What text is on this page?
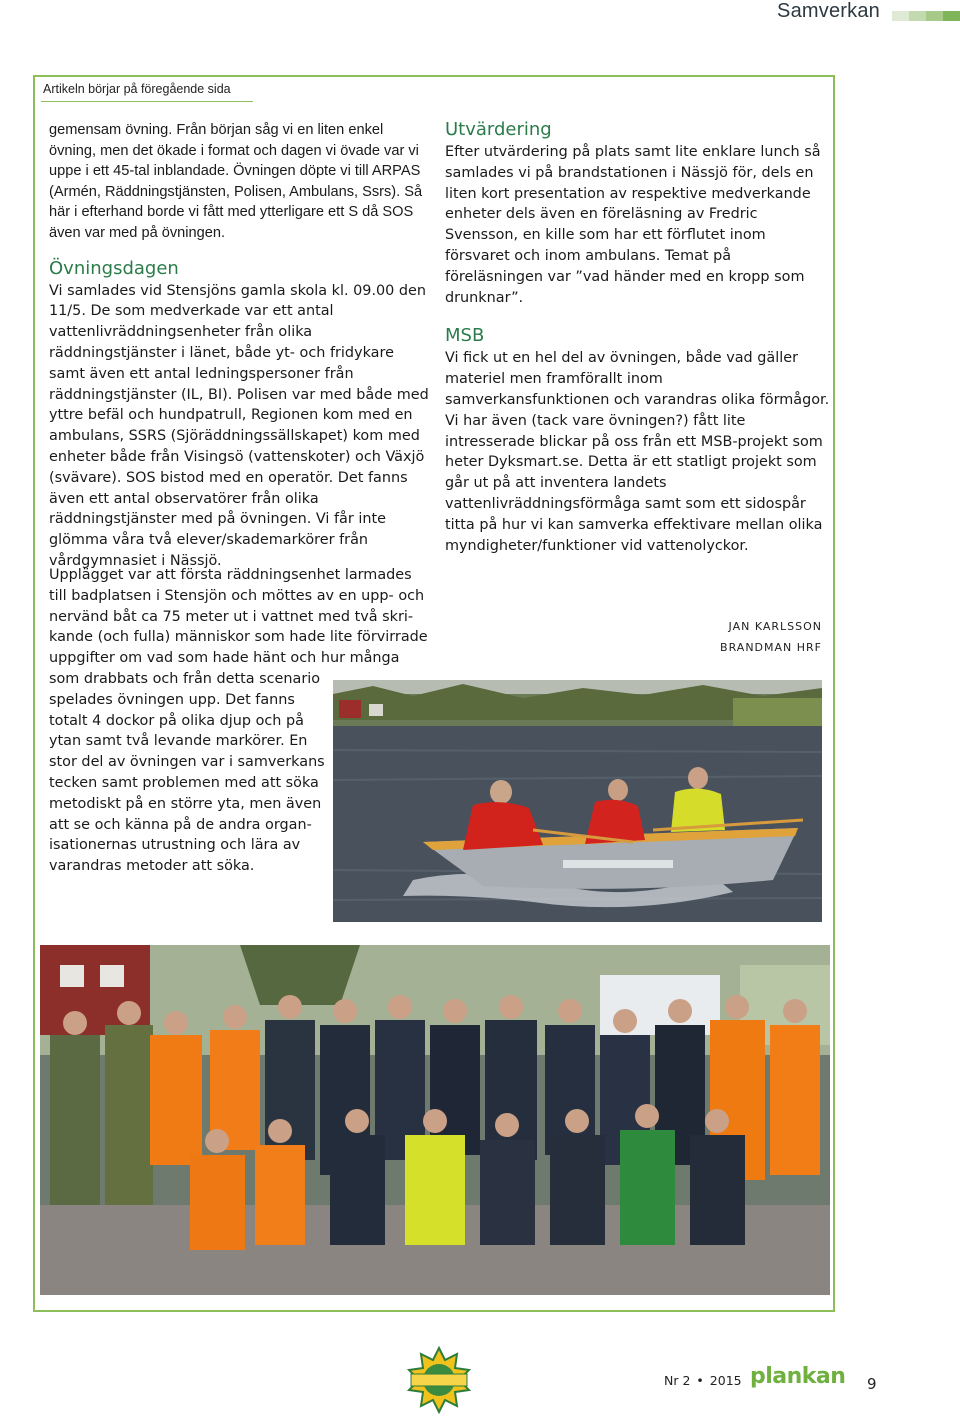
Samverkan
Artikeln börjar på föregående sida

gemensam övning. Från början såg vi en liten enkel övning, men det ökade i format och dagen vi övade var vi uppe i ett 45-tal inblandade. Övningen döpte vi till ARPAS (Armén, Räddningstjänsten, Polisen, Ambulans, Ssrs). Så här i efterhand borde vi fått med ytterligare ett S då SOS även var med på övningen.

Övningsdagen

Vi samlades vid Stensjöns gamla skola kl. 09.00 den 11/5. De som medverkade var ett antal vattenlivräddningsenheter från olika räddningstjänster i länet, både yt- och fridykare samt även ett antal ledningspersoner från räddningstjänster (IL, BI). Polisen var med både med yttre befäl och hundpatrull, Regionen kom med en ambulans, SSRS (Sjöräddningssällskapet) kom med enheter både från Visingsö (vattenskoter) och Växjö (svävare). SOS bistod med en operatör. Det fanns även ett antal observatörer från olika räddningstjänster med på övningen. Vi får inte glömma våra två elever/skademarkörer från vårdgymnasiet i Nässjö.

Utvärdering

Efter utvärdering på plats samt lite enklare lunch så samlades vi på brandstationen i Nässjö för, dels en liten kort presentation av respektive medverkande enheter dels även en föreläsning av Fredric Svensson, en kille som har ett förflutet inom försvaret och inom ambulans. Temat på föreläsningen var ”vad händer med en kropp som drunknar”.

MSB

Vi fick ut en hel del av övningen, både vad gäller materiel men framförallt inom samverkansfunktionen och varandras olika förmågor. Vi har även (tack vare övningen?) fått lite intresserade blickar på oss från ett MSB-projekt som heter Dyksmart.se. Detta är ett statligt projekt som går ut på att inventera landets vattenlivräddningsförmåga samt som ett sidospår titta på hur vi kan samverka effektivare mellan olika myndigheter/funktioner vid vattenolyckor.

Upplägget var att första räddningsenhet larmades

till badplatsen i Stensjön och möttes av en upp- och

nervänd båt ca 75 meter ut i vattnet med två skri-

kande (och fulla) människor som hade lite förvirrade

uppgifter om vad som hade hänt och hur många

som drabbats och från detta scenario

spelades övningen upp. Det fanns

totalt 4 dockor på olika djup och på

ytan samt två levande markörer. En

stor del av övningen var i samverkans

tecken samt problemen med att söka

metodiskt på en större yta, men även

att se och känna på de andra organ-

isationernas utrustning och lära av

varandras metoder att söka.

JAN KARLSSON
BRANDMAN HRF
Nr 2 • 2015 plankan 9
